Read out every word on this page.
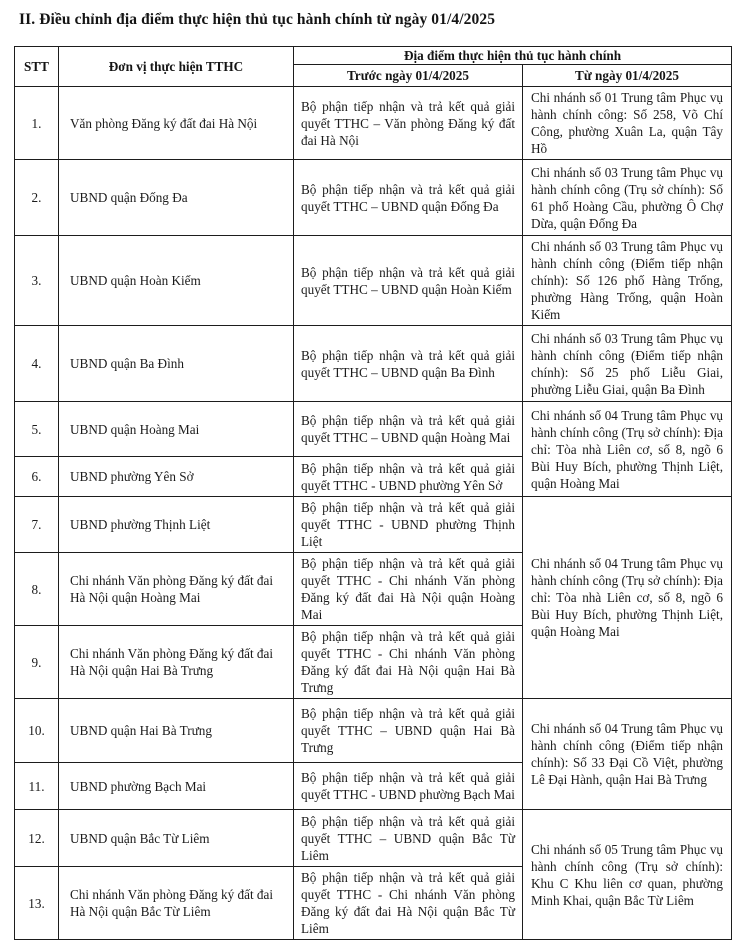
II. Điều chỉnh địa điểm thực hiện thủ tục hành chính từ ngày 01/4/2025
STT	Đơn vị thực hiện TTHC	Địa điểm thực hiện thủ tục hành chính	
		Trước ngày 01/4/2025	Từ ngày 01/4/2025
1.	Văn phòng Đăng ký đất đai Hà Nội	Bộ phận tiếp nhận và trả kết quả giải quyết TTHC – Văn phòng Đăng ký đất đai Hà Nội	Chi nhánh số 01 Trung tâm Phục vụ hành chính công: Số 258, Võ Chí Công, phường Xuân La, quận Tây Hồ
2.	UBND quận Đống Đa	Bộ phận tiếp nhận và trả kết quả giải quyết TTHC – UBND quận Đống Đa	Chi nhánh số 03 Trung tâm Phục vụ hành chính công (Trụ sở chính): Số 61 phố Hoàng Cầu, phường Ô Chợ Dừa, quận Đống Đa
3.	UBND quận Hoàn Kiếm	Bộ phận tiếp nhận và trả kết quả giải quyết TTHC – UBND quận Hoàn Kiếm	Chi nhánh số 03 Trung tâm Phục vụ hành chính công (Điểm tiếp nhận chính): Số 126 phố Hàng Trống, phường Hàng Trống, quận Hoàn Kiếm
4.	UBND quận Ba Đình	Bộ phận tiếp nhận và trả kết quả giải quyết TTHC – UBND quận Ba Đình	Chi nhánh số 03 Trung tâm Phục vụ hành chính công (Điểm tiếp nhận chính): Số 25 phố Liễu Giai, phường Liễu Giai, quận Ba Đình
5.	UBND quận Hoàng Mai	Bộ phận tiếp nhận và trả kết quả giải quyết TTHC – UBND quận Hoàng Mai	Chi nhánh số 04 Trung tâm Phục vụ hành chính công (Trụ sở chính): Địa chỉ: Tòa nhà Liên cơ, số 8, ngõ 6 Bùi Huy Bích, phường Thịnh Liệt, quận Hoàng Mai
6.	UBND phường Yên Sở	Bộ phận tiếp nhận và trả kết quả giải quyết TTHC - UBND phường Yên Sở	
7.	UBND phường Thịnh Liệt	Bộ phận tiếp nhận và trả kết quả giải quyết TTHC - UBND phường Thịnh Liệt	Chi nhánh số 04 Trung tâm Phục vụ hành chính công (Trụ sở chính): Địa chỉ: Tòa nhà Liên cơ, số 8, ngõ 6 Bùi Huy Bích, phường Thịnh Liệt, quận Hoàng Mai
8.	Chi nhánh Văn phòng Đăng ký đất đai Hà Nội quận Hoàng Mai	Bộ phận tiếp nhận và trả kết quả giải quyết TTHC - Chi nhánh Văn phòng Đăng ký đất đai Hà Nội quận Hoàng Mai	
9.	Chi nhánh Văn phòng Đăng ký đất đai Hà Nội quận Hai Bà Trưng	Bộ phận tiếp nhận và trả kết quả giải quyết TTHC - Chi nhánh Văn phòng Đăng ký đất đai Hà Nội quận Hai Bà Trưng	
10.	UBND quận Hai Bà Trưng	Bộ phận tiếp nhận và trả kết quả giải quyết TTHC – UBND quận Hai Bà Trưng	Chi nhánh số 04 Trung tâm Phục vụ hành chính công (Điểm tiếp nhận chính): Số 33 Đại Cồ Việt, phường Lê Đại Hành, quận Hai Bà Trưng
11.	UBND phường Bạch Mai	Bộ phận tiếp nhận và trả kết quả giải quyết TTHC - UBND phường Bạch Mai	
12.	UBND quận Bắc Từ Liêm	Bộ phận tiếp nhận và trả kết quả giải quyết TTHC – UBND quận Bắc Từ Liêm	Chi nhánh số 05 Trung tâm Phục vụ hành chính công (Trụ sở chính): Khu C Khu liên cơ quan, phường Minh Khai, quận Bắc Từ Liêm
13.	Chi nhánh Văn phòng Đăng ký đất đai Hà Nội quận Bắc Từ Liêm	Bộ phận tiếp nhận và trả kết quả giải quyết TTHC - Chi nhánh Văn phòng Đăng ký đất đai Hà Nội quận Bắc Từ Liêm	
